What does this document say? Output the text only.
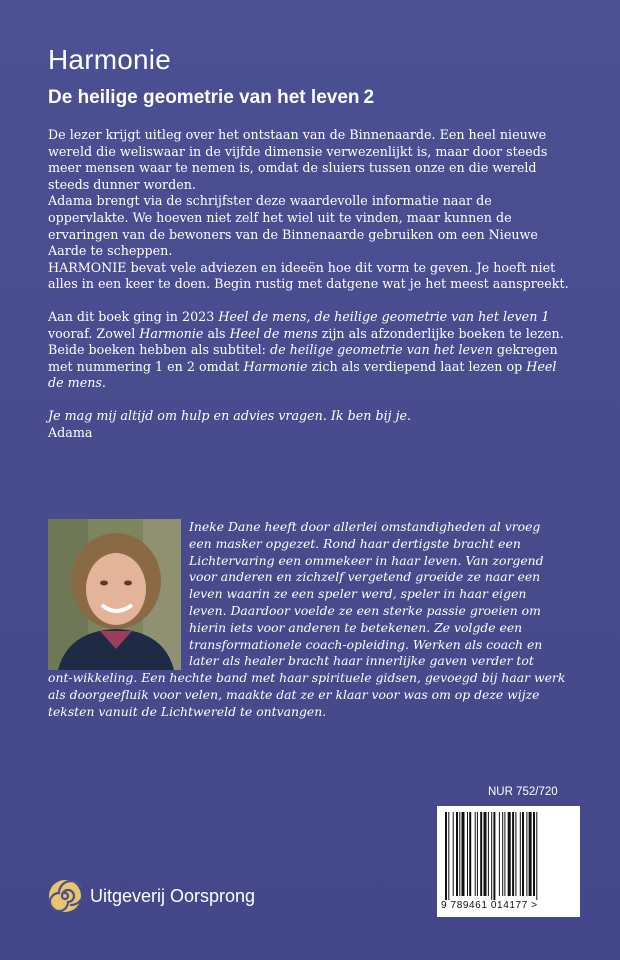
Harmonie
De heilige geometrie van het leven 2

De lezer krijgt uitleg over het ontstaan van de Binnenaarde. Een heel nieuwe
wereld die weliswaar in de vijfde dimensie verwezenlijkt is, maar door steeds
meer mensen waar te nemen is, omdat de sluiers tussen onze en die wereld
steeds dunner worden.
Adama brengt via de schrijfster deze waardevolle informatie naar de
oppervlakte. We hoeven niet zelf het wiel uit te vinden, maar kunnen de
ervaringen van de bewoners van de Binnenaarde gebruiken om een Nieuwe
Aarde te scheppen.
HARMONIE bevat vele adviezen en ideeën hoe dit vorm te geven. Je hoeft niet
alles in een keer te doen. Begin rustig met datgene wat je het meest aanspreekt.

Aan dit boek ging in 2023 Heel de mens, de heilige geometrie van het leven 1
vooraf. Zowel Harmonie als Heel de mens zijn als afzonderlijke boeken te lezen.
Beide boeken hebben als subtitel: de heilige geometrie van het leven gekregen
met nummering 1 en 2 omdat Harmonie zich als verdiepend laat lezen op Heel
de mens.

Je mag mij altijd om hulp en advies vragen. Ik ben bij je.
Adama

Ineke Dane heeft door allerlei omstandigheden al vroeg
een masker opgezet. Rond haar dertigste bracht een
Lichtervaring een ommekeer in haar leven. Van zorgend
voor anderen en zichzelf vergetend groeide ze naar een
leven waarin ze een speler werd, speler in haar eigen
leven. Daardoor voelde ze een sterke passie groeien om
hierin iets voor anderen te betekenen. Ze volgde een
transformationele coach-opleiding. Werken als coach en
later als healer bracht haar innerlijke gaven verder tot

ont-wikkeling. Een hechte band met haar spirituele gidsen, gevoegd bij haar werk
als doorgeefluik voor velen, maakte dat ze er klaar voor was om op deze wijze
teksten vanuit de Lichtwereld te ontvangen.

NUR 752/720
9 789461 014177 >
Uitgeverij Oorsprong
